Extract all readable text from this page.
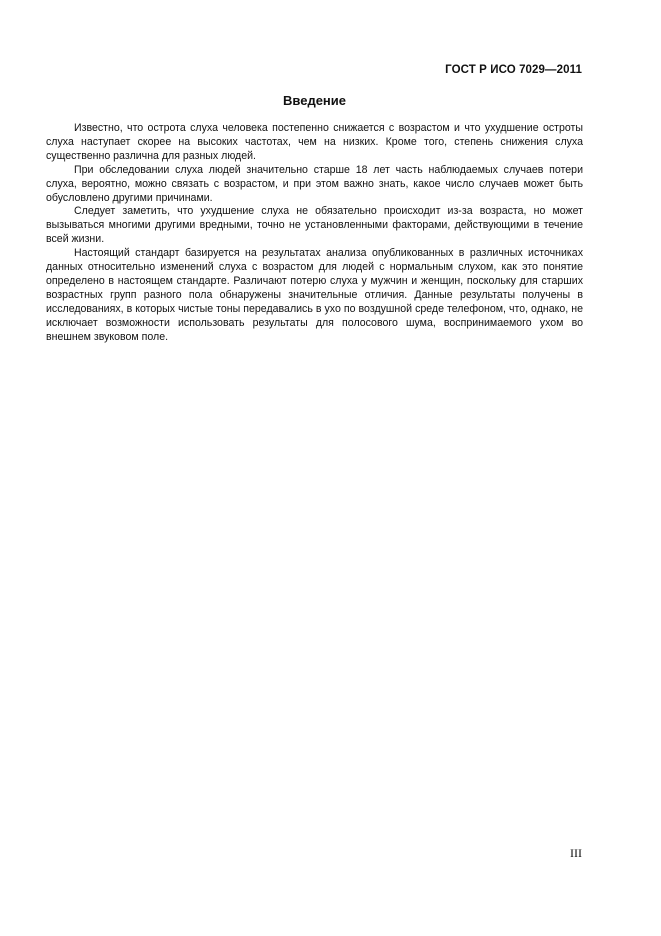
ГОСТ Р ИСО 7029—2011
Введение

Известно, что острота слуха человека постепенно снижается с возрастом и что ухудшение остроты слуха наступает скорее на высоких частотах, чем на низких. Кроме того, степень снижения слуха существенно различна для разных людей.

При обследовании слуха людей значительно старше 18 лет часть наблюдаемых случаев потери слуха, вероятно, можно связать с возрастом, и при этом важно знать, какое число случаев может быть обусловлено другими причинами.

Следует заметить, что ухудшение слуха не обязательно происходит из-за возраста, но может вызываться многими другими вредными, точно не установленными факторами, действующими в течение всей жизни.

Настоящий стандарт базируется на результатах анализа опубликованных в различных источниках данных относительно изменений слуха с возрастом для людей с нормальным слухом, как это понятие определено в настоящем стандарте. Различают потерю слуха у мужчин и женщин, поскольку для старших возрастных групп разного пола обнаружены значительные отличия. Данные результаты получены в исследованиях, в которых чистые тоны передавались в ухо по воздушной среде телефоном, что, однако, не исключает возможности использовать результаты для полосового шума, воспринимаемого ухом во внешнем звуковом поле.

III
